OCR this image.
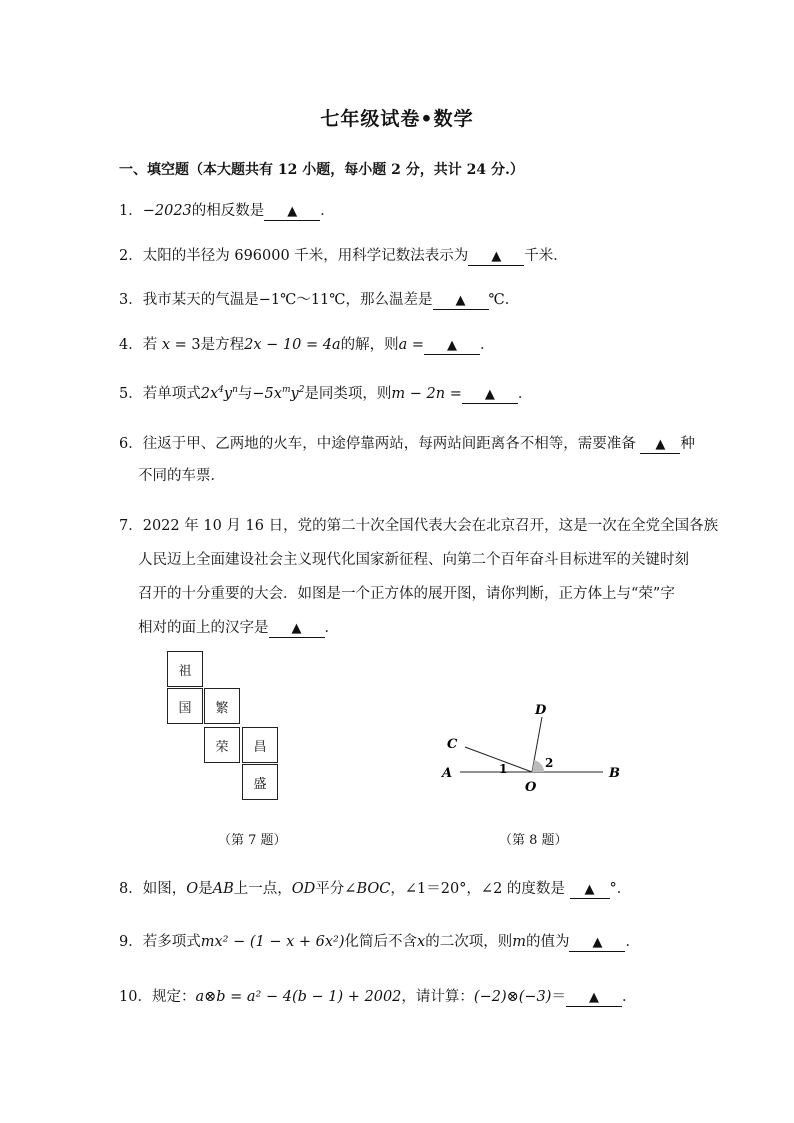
七年级试卷•数学
一、填空题（本大题共有 12 小题，每小题 2 分，共计 24 分.）
1．−2023的相反数是 ▲ ．
2．太阳的半径为 696000 千米，用科学记数法表示为 ▲ 千米．
3．我市某天的气温是−1℃～11℃，那么温差是 ▲ ℃．
4．若 x = 3是方程2x − 10 = 4a的解，则a = ▲ ．
5．若单项式$2x^4y^n$与$-5x^my^2$是同类项，则m − 2n = ▲ ．
6．往返于甲、乙两地的火车，中途停靠两站，每两站间距离各不相等，需要准备 ▲ 种
不同的车票．
7．2022 年 10 月 16 日，党的第二十次全国代表大会在北京召开，这是一次在全党全国各族
人民迈上全面建设社会主义现代化国家新征程、向第二个百年奋斗目标进军的关键时刻
召开的十分重要的大会．如图是一个正方体的展开图，请你判断，正方体上与“荣”字
相对的面上的汉字是 ▲ ．
祖
国	繁
荣	昌
盛
（第 7 题）
A	B
C
D
O
1	2
（第 8 题）
8．如图，O是AB上一点，OD平分∠BOC，∠1＝20°，∠2 的度数是 ▲ °．
9．若多项式mx² − (1 − x + 6x²)化简后不含x的二次项，则m的值为 ▲ ．
10．规定：a⊗b = a² − 4(b − 1) + 2002，请计算：(−2)⊗(−3)＝ ▲ ．
